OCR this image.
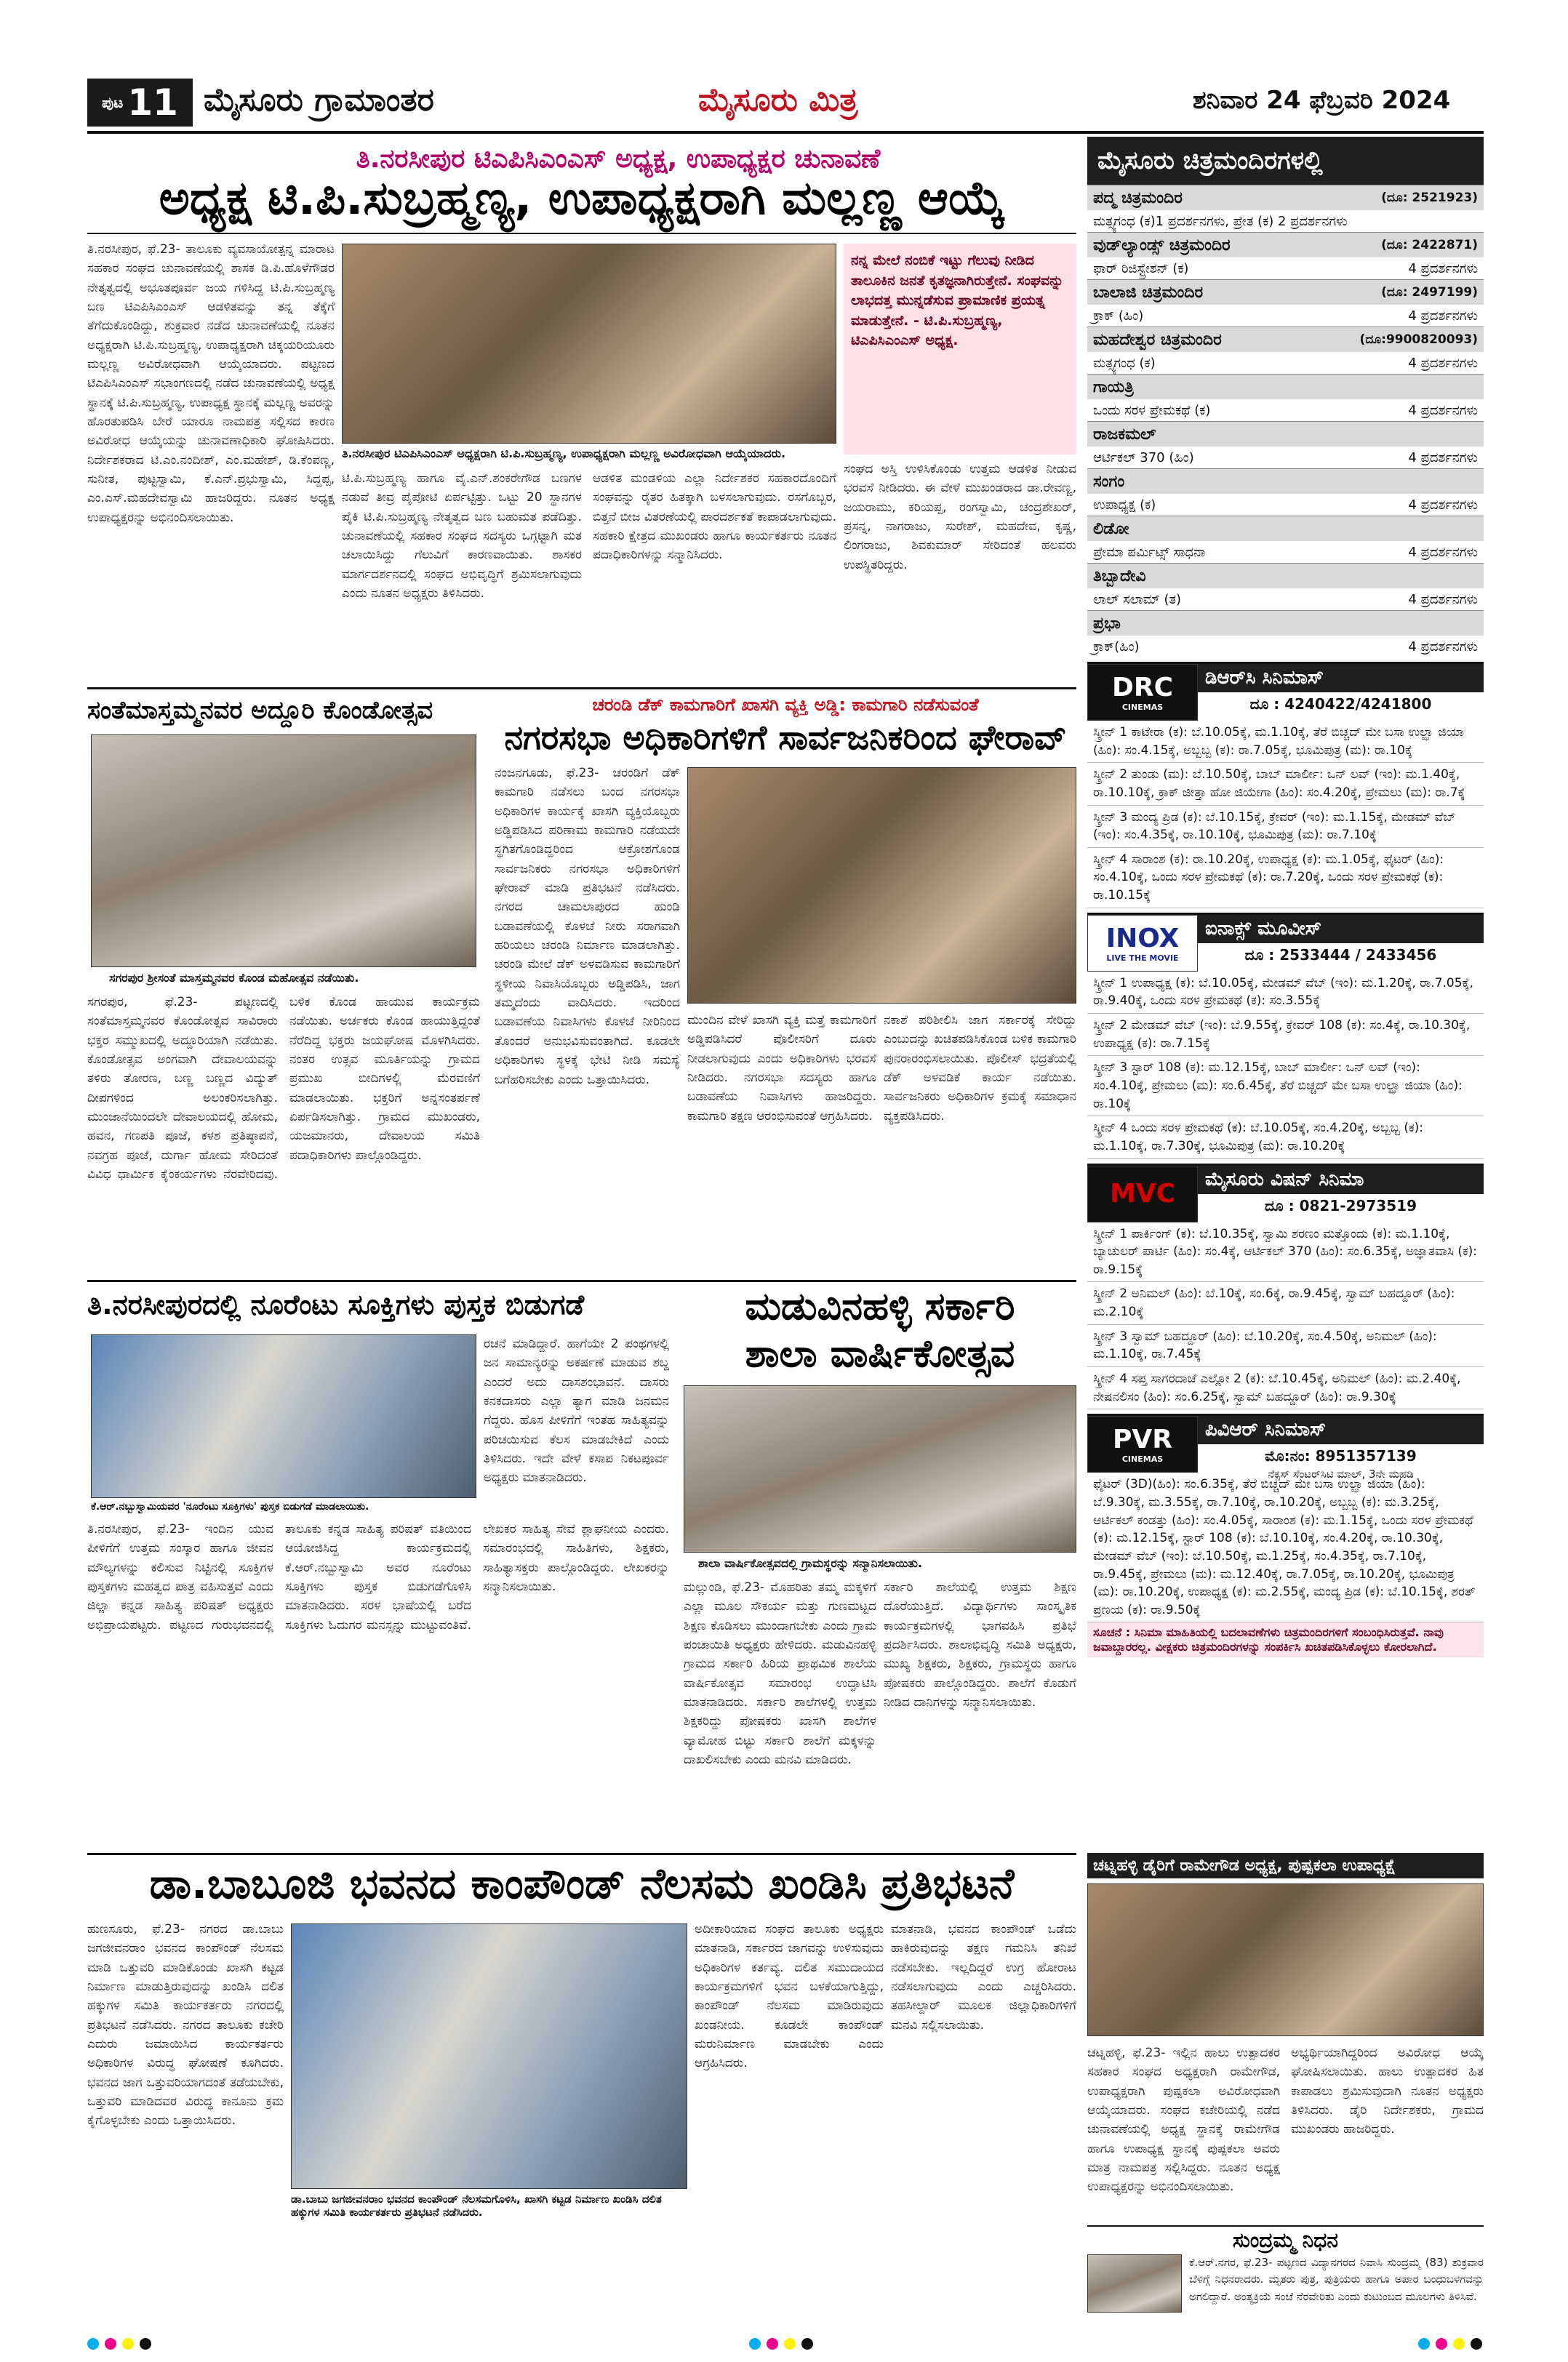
ಪುಟ 11 ಮೈಸೂರು ಗ್ರಾಮಾಂತರ	ಮೈಸೂರು ಮಿತ್ರ	ಶನಿವಾರ 24 ಫೆಬ್ರವರಿ 2024
ತಿ.ನರಸೀಪುರ ಟಿಎಪಿಸಿಎಂಎಸ್ ಅಧ್ಯಕ್ಷ, ಉಪಾಧ್ಯಕ್ಷರ ಚುನಾವಣೆ
ಅಧ್ಯಕ್ಷ ಟಿ.ಪಿ.ಸುಬ್ರಹ್ಮಣ್ಯ, ಉಪಾಧ್ಯಕ್ಷರಾಗಿ ಮಲ್ಲಣ್ಣ ಆಯ್ಕೆ
ತಿ.ನರಸೀಪುರ, ಫೆ.23- ತಾಲೂಕು ವ್ಯವಸಾಯೋತ್ಪನ್ನ ಮಾರಾಟ ಸಹಕಾರ ಸಂಘದ ಚುನಾವಣೆಯಲ್ಲಿ ಶಾಸಕ ಡಿ.ಪಿ.ಹೊಳೆಗೌಡರ ನೇತೃತ್ವದಲ್ಲಿ ಅಭೂತಪೂರ್ವ ಜಯ ಗಳಿಸಿದ್ದ ಟಿ.ಪಿ.ಸುಬ್ರಹ್ಮಣ್ಯ ಬಣ ಟಿಎಪಿಸಿಎಂಎಸ್ ಆಡಳಿತವನ್ನು ತನ್ನ ತೆಕ್ಕೆಗೆ ತೆಗೆದುಕೊಂಡಿದ್ದು, ಶುಕ್ರವಾರ ನಡೆದ ಚುನಾವಣೆಯಲ್ಲಿ ನೂತನ ಅಧ್ಯಕ್ಷರಾಗಿ ಟಿ.ಪಿ.ಸುಬ್ರಹ್ಮಣ್ಯ, ಉಪಾಧ್ಯಕ್ಷರಾಗಿ ಚಿಕ್ಕಯರಿಯೂರು ಮಲ್ಲಣ್ಣ ಅವಿರೋಧವಾಗಿ ಆಯ್ಕೆಯಾದರು. ಪಟ್ಟಣದ ಟಿಎಪಿಸಿಎಂಎಸ್ ಸಭಾಂಗಣದಲ್ಲಿ ನಡೆದ ಚುನಾವಣೆಯಲ್ಲಿ ಅಧ್ಯಕ್ಷ ಸ್ಥಾನಕ್ಕೆ ಟಿ.ಪಿ.ಸುಬ್ರಹ್ಮಣ್ಯ, ಉಪಾಧ್ಯಕ್ಷ ಸ್ಥಾನಕ್ಕೆ ಮಲ್ಲಣ್ಣ ಅವರನ್ನು ಹೊರತುಪಡಿಸಿ ಬೇರೆ ಯಾರೂ ನಾಮಪತ್ರ ಸಲ್ಲಿಸದ ಕಾರಣ ಅವಿರೋಧ ಆಯ್ಕೆಯನ್ನು ಚುನಾವಣಾಧಿಕಾರಿ ಘೋಷಿಸಿದರು. ನಿರ್ದೇಶಕರಾದ ಟಿ.ಎಂ.ನಂದೀಶ್, ಎಂ.ಮಹೇಶ್, ಡಿ.ಕೆಂಪಣ್ಣ, ಸುನೀತ, ಪುಟ್ಟಸ್ವಾಮಿ, ಕೆ.ಎನ್.ಪ್ರಭುಸ್ವಾಮಿ, ಸಿದ್ದಪ್ಪ, ಎಂ.ಎಸ್.ಮಹದೇವಸ್ವಾಮಿ ಹಾಜರಿದ್ದರು. ನೂತನ ಅಧ್ಯಕ್ಷ ಉಪಾಧ್ಯಕ್ಷರನ್ನು ಅಭಿನಂದಿಸಲಾಯಿತು.
ತಿ.ನರಸೀಪುರ ಟಿಎಪಿಸಿಎಂಎಸ್ ಅಧ್ಯಕ್ಷರಾಗಿ ಟಿ.ಪಿ.ಸುಬ್ರಹ್ಮಣ್ಯ, ಉಪಾಧ್ಯಕ್ಷರಾಗಿ ಮಲ್ಲಣ್ಣ ಅವಿರೋಧವಾಗಿ ಆಯ್ಕೆಯಾದರು.
ನನ್ನ ಮೇಲೆ ನಂಬಿಕೆ ಇಟ್ಟು ಗೆಲುವು ನೀಡಿದ ತಾಲೂಕಿನ ಜನತೆ ಕೃತಜ್ಞನಾಗಿರುತ್ತೇನೆ. ಸಂಘವನ್ನು ಲಾಭದತ್ತ ಮುನ್ನಡೆಸುವ ಪ್ರಾಮಾಣಿಕ ಪ್ರಯತ್ನ ಮಾಡುತ್ತೇನೆ. - ಟಿ.ಪಿ.ಸುಬ್ರಹ್ಮಣ್ಯ, ಟಿಎಪಿಸಿಎಂಎಸ್ ಅಧ್ಯಕ್ಷ.
ಟಿ.ಪಿ.ಸುಬ್ರಹ್ಮಣ್ಯ ಹಾಗೂ ವೈ.ಎನ್.ಶಂಕರೇಗೌಡ ಬಣಗಳ ನಡುವೆ ತೀವ್ರ ಪೈಪೋಟಿ ಏರ್ಪಟ್ಟಿತ್ತು. ಒಟ್ಟು 20 ಸ್ಥಾನಗಳ ಪೈಕಿ ಟಿ.ಪಿ.ಸುಬ್ರಹ್ಮಣ್ಯ ನೇತೃತ್ವದ ಬಣ ಬಹುಮತ ಪಡೆದಿತ್ತು. ಚುನಾವಣೆಯಲ್ಲಿ ಸಹಕಾರ ಸಂಘದ ಸದಸ್ಯರು ಒಗ್ಗಟ್ಟಾಗಿ ಮತ ಚಲಾಯಿಸಿದ್ದು ಗೆಲುವಿಗೆ ಕಾರಣವಾಯಿತು. ಶಾಸಕರ ಮಾರ್ಗದರ್ಶನದಲ್ಲಿ ಸಂಘದ ಅಭಿವೃದ್ಧಿಗೆ ಶ್ರಮಿಸಲಾಗುವುದು ಎಂದು ನೂತನ ಅಧ್ಯಕ್ಷರು ತಿಳಿಸಿದರು.
ಆಡಳಿತ ಮಂಡಳಿಯ ಎಲ್ಲಾ ನಿರ್ದೇಶಕರ ಸಹಕಾರದೊಂದಿಗೆ ಸಂಘವನ್ನು ರೈತರ ಹಿತಕ್ಕಾಗಿ ಬಳಸಲಾಗುವುದು. ರಸಗೊಬ್ಬರ, ಬಿತ್ತನೆ ಬೀಜ ವಿತರಣೆಯಲ್ಲಿ ಪಾರದರ್ಶಕತೆ ಕಾಪಾಡಲಾಗುವುದು. ಸಹಕಾರಿ ಕ್ಷೇತ್ರದ ಮುಖಂಡರು ಹಾಗೂ ಕಾರ್ಯಕರ್ತರು ನೂತನ ಪದಾಧಿಕಾರಿಗಳನ್ನು ಸನ್ಮಾನಿಸಿದರು.
ಸಂಘದ ಅಸ್ತಿ ಉಳಿಸಿಕೊಂಡು ಉತ್ತಮ ಆಡಳಿತ ನೀಡುವ ಭರವಸೆ ನೀಡಿದರು. ಈ ವೇಳೆ ಮುಖಂಡರಾದ ಡಾ.ರೇವಣ್ಣ, ಜಯರಾಮು, ಕರಿಯಪ್ಪ, ರಂಗಸ್ವಾಮಿ, ಚಂದ್ರಶೇಖರ್, ಪ್ರಸನ್ನ, ನಾಗರಾಜು, ಸುರೇಶ್, ಮಹದೇವ, ಕೃಷ್ಣ, ಲಿಂಗರಾಜು, ಶಿವಕುಮಾರ್ ಸೇರಿದಂತೆ ಹಲವರು ಉಪಸ್ಥಿತರಿದ್ದರು.
ಸಂತೆಮಾಸ್ತಮ್ಮನವರ ಅದ್ದೂರಿ ಕೊಂಡೋತ್ಸವ
ಸಗರಪುರ ಶ್ರೀಸಂತೆ ಮಾಸ್ತಮ್ಮನವರ ಕೊಂಡ ಮಹೋತ್ಸವ ನಡೆಯಿತು.
ಸಗರಪುರ, ಫೆ.23- ಪಟ್ಟಣದಲ್ಲಿ ಸಂತೆಮಾಸ್ತಮ್ಮನವರ ಕೊಂಡೋತ್ಸವ ಸಾವಿರಾರು ಭಕ್ತರ ಸಮ್ಮುಖದಲ್ಲಿ ಅದ್ದೂರಿಯಾಗಿ ನಡೆಯಿತು. ಕೊಂಡೋತ್ಸವ ಅಂಗವಾಗಿ ದೇವಾಲಯವನ್ನು ತಳಿರು ತೋರಣ, ಬಣ್ಣ ಬಣ್ಣದ ವಿದ್ಯುತ್ ದೀಪಗಳಿಂದ ಅಲಂಕರಿಸಲಾಗಿತ್ತು. ಮುಂಜಾನೆಯಿಂದಲೇ ದೇವಾಲಯದಲ್ಲಿ ಹೋಮ, ಹವನ, ಗಣಪತಿ ಪೂಜೆ, ಕಳಶ ಪ್ರತಿಷ್ಠಾಪನೆ, ನವಗ್ರಹ ಪೂಜೆ, ದುರ್ಗಾ ಹೋಮ ಸೇರಿದಂತೆ ವಿವಿಧ ಧಾರ್ಮಿಕ ಕೈಂಕರ್ಯಗಳು ನೆರವೇರಿದವು. ಬಳಿಕ ಕೊಂಡ ಹಾಯುವ ಕಾರ್ಯಕ್ರಮ ನಡೆಯಿತು. ಅರ್ಚಕರು ಕೊಂಡ ಹಾಯುತ್ತಿದ್ದಂತೆ ನೆರೆದಿದ್ದ ಭಕ್ತರು ಜಯಘೋಷ ಮೊಳಗಿಸಿದರು. ನಂತರ ಉತ್ಸವ ಮೂರ್ತಿಯನ್ನು ಗ್ರಾಮದ ಪ್ರಮುಖ ಬೀದಿಗಳಲ್ಲಿ ಮೆರವಣಿಗೆ ಮಾಡಲಾಯಿತು. ಭಕ್ತರಿಗೆ ಅನ್ನಸಂತರ್ಪಣೆ ಏರ್ಪಡಿಸಲಾಗಿತ್ತು. ಗ್ರಾಮದ ಮುಖಂಡರು, ಯಜಮಾನರು, ದೇವಾಲಯ ಸಮಿತಿ ಪದಾಧಿಕಾರಿಗಳು ಪಾಲ್ಗೊಂಡಿದ್ದರು.
ಚರಂಡಿ ಡೆಕ್ ಕಾಮಗಾರಿಗೆ ಖಾಸಗಿ ವ್ಯಕ್ತಿ ಅಡ್ಡಿ: ಕಾಮಗಾರಿ ನಡೆಸುವಂತೆ
ನಗರಸಭಾ ಅಧಿಕಾರಿಗಳಿಗೆ ಸಾರ್ವಜನಿಕರಿಂದ ಘೇರಾವ್
ನಂಜನಗೂಡು, ಫೆ.23- ಚರಂಡಿಗೆ ಡೆಕ್ ಕಾಮಗಾರಿ ನಡೆಸಲು ಬಂದ ನಗರಸಭಾ ಅಧಿಕಾರಿಗಳ ಕಾರ್ಯಕ್ಕೆ ಖಾಸಗಿ ವ್ಯಕ್ತಿಯೊಬ್ಬರು ಅಡ್ಡಿಪಡಿಸಿದ ಪರಿಣಾಮ ಕಾಮಗಾರಿ ನಡೆಯದೇ ಸ್ಥಗಿತಗೊಂಡಿದ್ದರಿಂದ ಆಕ್ರೋಶಗೊಂಡ ಸಾರ್ವಜನಿಕರು ನಗರಸಭಾ ಅಧಿಕಾರಿಗಳಿಗೆ ಘೇರಾವ್ ಮಾಡಿ ಪ್ರತಿಭಟನೆ ನಡೆಸಿದರು. ನಗರದ ಚಾಮಲಾಪುರದ ಹುಂಡಿ ಬಡಾವಣೆಯಲ್ಲಿ ಕೊಳಚೆ ನೀರು ಸರಾಗವಾಗಿ ಹರಿಯಲು ಚರಂಡಿ ನಿರ್ಮಾಣ ಮಾಡಲಾಗಿತ್ತು. ಚರಂಡಿ ಮೇಲೆ ಡೆಕ್ ಅಳವಡಿಸುವ ಕಾಮಗಾರಿಗೆ ಸ್ಥಳೀಯ ನಿವಾಸಿಯೊಬ್ಬರು ಅಡ್ಡಿಪಡಿಸಿ, ಜಾಗ ತಮ್ಮದೆಂದು ವಾದಿಸಿದರು. ಇದರಿಂದ ಬಡಾವಣೆಯ ನಿವಾಸಿಗಳು ಕೊಳಚೆ ನೀರಿನಿಂದ ತೊಂದರೆ ಅನುಭವಿಸುವಂತಾಗಿದೆ. ಕೂಡಲೇ ಅಧಿಕಾರಿಗಳು ಸ್ಥಳಕ್ಕೆ ಭೇಟಿ ನೀಡಿ ಸಮಸ್ಯೆ ಬಗೆಹರಿಸಬೇಕು ಎಂದು ಒತ್ತಾಯಿಸಿದರು.
ಮುಂದಿನ ವೇಳೆ ಖಾಸಗಿ ವ್ಯಕ್ತಿ ಮತ್ತೆ ಕಾಮಗಾರಿಗೆ ಅಡ್ಡಿಪಡಿಸಿದರೆ ಪೊಲೀಸರಿಗೆ ದೂರು ನೀಡಲಾಗುವುದು ಎಂದು ಅಧಿಕಾರಿಗಳು ಭರವಸೆ ನೀಡಿದರು. ನಗರಸಭಾ ಸದಸ್ಯರು ಹಾಗೂ ಬಡಾವಣೆಯ ನಿವಾಸಿಗಳು ಹಾಜರಿದ್ದರು. ಕಾಮಗಾರಿ ತಕ್ಷಣ ಆರಂಭಿಸುವಂತೆ ಆಗ್ರಹಿಸಿದರು.
ನಕಾಶೆ ಪರಿಶೀಲಿಸಿ ಜಾಗ ಸರ್ಕಾರಕ್ಕೆ ಸೇರಿದ್ದು ಎಂಬುದನ್ನು ಖಚಿತಪಡಿಸಿಕೊಂಡ ಬಳಿಕ ಕಾಮಗಾರಿ ಪುನರಾರಂಭಿಸಲಾಯಿತು. ಪೊಲೀಸ್ ಭದ್ರತೆಯಲ್ಲಿ ಡೆಕ್ ಅಳವಡಿಕೆ ಕಾರ್ಯ ನಡೆಯಿತು. ಸಾರ್ವಜನಿಕರು ಅಧಿಕಾರಿಗಳ ಕ್ರಮಕ್ಕೆ ಸಮಾಧಾನ ವ್ಯಕ್ತಪಡಿಸಿದರು.
ತಿ.ನರಸೀಪುರದಲ್ಲಿ ನೂರೆಂಟು ಸೂಕ್ತಿಗಳು ಪುಸ್ತಕ ಬಿಡುಗಡೆ
ಕೆ.ಆರ್.ನಬ್ಬುಸ್ವಾಮಿಯವರ 'ನೂರೆಂಟು ಸೂಕ್ತಿಗಳು' ಪುಸ್ತಕ ಬಿಡುಗಡೆ ಮಾಡಲಾಯಿತು.
ತಿ.ನರಸೀಪುರ, ಫೆ.23- ಇಂದಿನ ಯುವ ಪೀಳಿಗೆಗೆ ಉತ್ತಮ ಸಂಸ್ಕಾರ ಹಾಗೂ ಜೀವನ ಮೌಲ್ಯಗಳನ್ನು ಕಲಿಸುವ ನಿಟ್ಟಿನಲ್ಲಿ ಸೂಕ್ತಿಗಳ ಪುಸ್ತಕಗಳು ಮಹತ್ವದ ಪಾತ್ರ ವಹಿಸುತ್ತವೆ ಎಂದು ಜಿಲ್ಲಾ ಕನ್ನಡ ಸಾಹಿತ್ಯ ಪರಿಷತ್ ಅಧ್ಯಕ್ಷರು ಅಭಿಪ್ರಾಯಪಟ್ಟರು. ಪಟ್ಟಣದ ಗುರುಭವನದಲ್ಲಿ ತಾಲೂಕು ಕನ್ನಡ ಸಾಹಿತ್ಯ ಪರಿಷತ್ ವತಿಯಿಂದ ಆಯೋಜಿಸಿದ್ದ ಕಾರ್ಯಕ್ರಮದಲ್ಲಿ ಕೆ.ಆರ್.ನಬ್ಬುಸ್ವಾಮಿ ಅವರ ನೂರೆಂಟು ಸೂಕ್ತಿಗಳು ಪುಸ್ತಕ ಬಿಡುಗಡೆಗೊಳಿಸಿ ಮಾತನಾಡಿದರು. ಸರಳ ಭಾಷೆಯಲ್ಲಿ ಬರೆದ ಸೂಕ್ತಿಗಳು ಓದುಗರ ಮನಸ್ಸನ್ನು ಮುಟ್ಟುವಂತಿವೆ. ಲೇಖಕರ ಸಾಹಿತ್ಯ ಸೇವೆ ಶ್ಲಾಘನೀಯ ಎಂದರು. ಸಮಾರಂಭದಲ್ಲಿ ಸಾಹಿತಿಗಳು, ಶಿಕ್ಷಕರು, ಸಾಹಿತ್ಯಾಸಕ್ತರು ಪಾಲ್ಗೊಂಡಿದ್ದರು. ಲೇಖಕರನ್ನು ಸನ್ಮಾನಿಸಲಾಯಿತು.
ರಚನೆ ಮಾಡಿದ್ದಾರೆ. ಹಾಗೆಯೇ 2 ಪಂಥಗಳಲ್ಲಿ ಜನ ಸಾಮಾನ್ಯರನ್ನು ಅಕರ್ಷಣೆ ಮಾಡುವ ಶಬ್ದ ಎಂದರೆ ಅದು ದಾಸಶಂಭಾವನೆ. ದಾಸರು ಕನಕದಾಸರು ಎಲ್ಲಾ ತ್ಯಾಗ ಮಾಡಿ ಜನಮನ ಗೆದ್ದರು. ಹೊಸ ಪೀಳಿಗೆಗೆ ಇಂತಹ ಸಾಹಿತ್ಯವನ್ನು ಪರಿಚಯಿಸುವ ಕೆಲಸ ಮಾಡಬೇಕಿದೆ ಎಂದು ತಿಳಿಸಿದರು. ಇದೇ ವೇಳೆ ಕಸಾಪ ನಿಕಟಪೂರ್ವ ಅಧ್ಯಕ್ಷರು ಮಾತನಾಡಿದರು.
ಮಡುವಿನಹಳ್ಳಿ ಸರ್ಕಾರಿ
ಶಾಲಾ ವಾರ್ಷಿಕೋತ್ಸವ
ಶಾಲಾ ವಾರ್ಷಿಕೋತ್ಸವದಲ್ಲಿ ಗ್ರಾಮಸ್ಥರನ್ನು ಸನ್ಮಾನಿಸಲಾಯಿತು.
ಮಲ್ಲುಂಡಿ, ಫೆ.23- ಮೊಹರಿತು ತಮ್ಮ ಮಕ್ಕಳಿಗೆ ಎಲ್ಲಾ ಮೂಲ ಸೌಕರ್ಯ ಮತ್ತು ಗುಣಮಟ್ಟದ ಶಿಕ್ಷಣ ಕೊಡಿಸಲು ಮುಂದಾಗಬೇಕು ಎಂದು ಗ್ರಾಮ ಪಂಚಾಯಿತಿ ಅಧ್ಯಕ್ಷರು ಹೇಳಿದರು. ಮಡುವಿನಹಳ್ಳಿ ಗ್ರಾಮದ ಸರ್ಕಾರಿ ಹಿರಿಯ ಪ್ರಾಥಮಿಕ ಶಾಲೆಯ ವಾರ್ಷಿಕೋತ್ಸವ ಸಮಾರಂಭ ಉದ್ಘಾಟಿಸಿ ಮಾತನಾಡಿದರು. ಸರ್ಕಾರಿ ಶಾಲೆಗಳಲ್ಲಿ ಉತ್ತಮ ಶಿಕ್ಷಕರಿದ್ದು ಪೋಷಕರು ಖಾಸಗಿ ಶಾಲೆಗಳ ವ್ಯಾಮೋಹ ಬಿಟ್ಟು ಸರ್ಕಾರಿ ಶಾಲೆಗೆ ಮಕ್ಕಳನ್ನು ದಾಖಲಿಸಬೇಕು ಎಂದು ಮನವಿ ಮಾಡಿದರು.
ಸರ್ಕಾರಿ ಶಾಲೆಯಲ್ಲಿ ಉತ್ತಮ ಶಿಕ್ಷಣ ದೊರೆಯುತ್ತಿದೆ. ವಿದ್ಯಾರ್ಥಿಗಳು ಸಾಂಸ್ಕೃತಿಕ ಕಾರ್ಯಕ್ರಮಗಳಲ್ಲಿ ಭಾಗವಹಿಸಿ ಪ್ರತಿಭೆ ಪ್ರದರ್ಶಿಸಿದರು. ಶಾಲಾಭಿವೃದ್ಧಿ ಸಮಿತಿ ಅಧ್ಯಕ್ಷರು, ಮುಖ್ಯ ಶಿಕ್ಷಕರು, ಶಿಕ್ಷಕರು, ಗ್ರಾಮಸ್ಥರು ಹಾಗೂ ಪೋಷಕರು ಪಾಲ್ಗೊಂಡಿದ್ದರು. ಶಾಲೆಗೆ ಕೊಡುಗೆ ನೀಡಿದ ದಾನಿಗಳನ್ನು ಸನ್ಮಾನಿಸಲಾಯಿತು.
ಡಾ.ಬಾಬೂಜಿ ಭವನದ ಕಾಂಪೌಂಡ್ ನೆಲಸಮ ಖಂಡಿಸಿ ಪ್ರತಿಭಟನೆ
ಹುಣಸೂರು, ಫೆ.23- ನಗರದ ಡಾ.ಬಾಬು ಜಗಜೀವನರಾಂ ಭವನದ ಕಾಂಪೌಂಡ್ ನೆಲಸಮ ಮಾಡಿ ಒತ್ತುವರಿ ಮಾಡಿಕೊಂಡು ಖಾಸಗಿ ಕಟ್ಟಡ ನಿರ್ಮಾಣ ಮಾಡುತ್ತಿರುವುದನ್ನು ಖಂಡಿಸಿ ದಲಿತ ಹಕ್ಕುಗಳ ಸಮಿತಿ ಕಾರ್ಯಕರ್ತರು ನಗರದಲ್ಲಿ ಪ್ರತಿಭಟನೆ ನಡೆಸಿದರು. ನಗರದ ತಾಲೂಕು ಕಚೇರಿ ಎದುರು ಜಮಾಯಿಸಿದ ಕಾರ್ಯಕರ್ತರು ಅಧಿಕಾರಿಗಳ ವಿರುದ್ಧ ಘೋಷಣೆ ಕೂಗಿದರು. ಭವನದ ಜಾಗ ಒತ್ತುವರಿಯಾಗದಂತೆ ತಡೆಯಬೇಕು, ಒತ್ತುವರಿ ಮಾಡಿದವರ ವಿರುದ್ಧ ಕಾನೂನು ಕ್ರಮ ಕೈಗೊಳ್ಳಬೇಕು ಎಂದು ಒತ್ತಾಯಿಸಿದರು.
ಡಾ.ಬಾಬು ಜಗಜೀವನರಾಂ ಭವನದ ಕಾಂಪೌಂಡ್ ನೆಲಸಮಗೊಳಿಸಿ, ಖಾಸಗಿ ಕಟ್ಟಡ ನಿರ್ಮಾಣ ಖಂಡಿಸಿ ದಲಿತ ಹಕ್ಕುಗಳ ಸಮಿತಿ ಕಾರ್ಯಕರ್ತರು ಪ್ರತಿಭಟನೆ ನಡೆಸಿದರು.
ಅದೀಕಾರಿಯಾವ ಸಂಘದ ತಾಲೂಕು ಅಧ್ಯಕ್ಷರು ಮಾತನಾಡಿ, ಸರ್ಕಾರದ ಜಾಗವನ್ನು ಉಳಿಸುವುದು ಅಧಿಕಾರಿಗಳ ಕರ್ತವ್ಯ. ದಲಿತ ಸಮುದಾಯದ ಕಾರ್ಯಕ್ರಮಗಳಿಗೆ ಭವನ ಬಳಕೆಯಾಗುತ್ತಿದ್ದು, ಕಾಂಪೌಂಡ್ ನೆಲಸಮ ಮಾಡಿರುವುದು ಖಂಡನೀಯ. ಕೂಡಲೇ ಕಾಂಪೌಂಡ್ ಮರುನಿರ್ಮಾಣ ಮಾಡಬೇಕು ಎಂದು ಆಗ್ರಹಿಸಿದರು.
ಮಾತನಾಡಿ, ಭವನದ ಕಾಂಪೌಂಡ್ ಒಡೆದು ಹಾಕಿರುವುದನ್ನು ತಕ್ಷಣ ಗಮನಿಸಿ ತನಿಖೆ ನಡೆಸಬೇಕು. ಇಲ್ಲದಿದ್ದರೆ ಉಗ್ರ ಹೋರಾಟ ನಡೆಸಲಾಗುವುದು ಎಂದು ಎಚ್ಚರಿಸಿದರು. ತಹಸೀಲ್ದಾರ್ ಮೂಲಕ ಜಿಲ್ಲಾಧಿಕಾರಿಗಳಿಗೆ ಮನವಿ ಸಲ್ಲಿಸಲಾಯಿತು.
ಮೈಸೂರು ಚಿತ್ರಮಂದಿರಗಳಲ್ಲಿ
ಪದ್ಮ ಚಿತ್ರಮಂದಿರ	(ದೂ: 2521923)
ಮತ್ಸ್ಯಗಂಧ (ಕ)1 ಪ್ರದರ್ಶನಗಳು, ಪ್ರೇತ (ಕ) 2 ಪ್ರದರ್ಶನಗಳು
ವುಡ್‌ಲ್ಯಾಂಡ್ಸ್ ಚಿತ್ರಮಂದಿರ	(ದೂ: 2422871)
ಫಾರ್ ರಿಜಿಸ್ಟ್ರೇಶನ್ (ಕ)	4 ಪ್ರದರ್ಶನಗಳು
ಬಾಲಾಜಿ ಚಿತ್ರಮಂದಿರ	(ದೂ: 2497199)
ಕ್ರಾಕ್ (ಹಿಂ)	4 ಪ್ರದರ್ಶನಗಳು
ಮಹದೇಶ್ವರ ಚಿತ್ರಮಂದಿರ	(ದೂ:9900820093)
ಮತ್ಸ್ಯಗಂಧ (ಕ)	4 ಪ್ರದರ್ಶನಗಳು
ಗಾಯತ್ರಿ
ಒಂದು ಸರಳ ಪ್ರೇಮಕಥೆ (ಕ)	4 ಪ್ರದರ್ಶನಗಳು
ರಾಜಕಮಲ್
ಆರ್ಟಿಕಲ್ 370 (ಹಿಂ)	4 ಪ್ರದರ್ಶನಗಳು
ಸಂಗಂ
ಉಪಾಧ್ಯಕ್ಷ (ಕ)	4 ಪ್ರದರ್ಶನಗಳು
ಲಿಡೋ
ಪ್ರೇಮಾ ಪರ್ಮಿಟ್ಸ್ ಸಾಧನಾ	4 ಪ್ರದರ್ಶನಗಳು
ತಿಬ್ಬಾದೇವಿ
ಲಾಲ್ ಸಲಾಮ್ (ತ)	4 ಪ್ರದರ್ಶನಗಳು
ಪ್ರಭಾ
ಕ್ರಾಕ್(ಹಿಂ)	4 ಪ್ರದರ್ಶನಗಳು
DRC
CINEMAS
ಡಿಆರ್‌ಸಿ ಸಿನಿಮಾಸ್
ದೂ : 4240422/4241800
ಸ್ಕ್ರೀನ್ 1 ಕಾಟೇರಾ (ಕ): ಬೆ.10.05ಕ್ಕೆ, ಮ.1.10ಕ್ಕೆ, ತೆರೆ ಬಿಚ್ಚದ್ ಮೇ ಬಸಾ ಉಲ್ಝಾ ಜಿಯಾ (ಹಿಂ): ಸಂ.4.15ಕ್ಕೆ, ಅಬ್ಬಬ್ಬ (ಕ): ರಾ.7.05ಕ್ಕೆ, ಭೂಮಿಪುತ್ರ (ಮ): ರಾ.10ಕ್ಕೆ
ಸ್ಕ್ರೀನ್ 2 ತುಂಡು (ಮ): ಬೆ.10.50ಕ್ಕೆ, ಬಾಬ್ ಮಾರ್ಲೀ: ಒನ್ ಲವ್ (ಇಂ): ಮ.1.40ಕ್ಕೆ, ರಾ.10.10ಕ್ಕೆ, ಕ್ರಾಕ್ ಜೀತ್ತಾ ಹೋ ಜಿಯೇಗಾ (ಹಿಂ): ಸಂ.4.20ಕ್ಕೆ, ಪ್ರೇಮಲು (ಮ): ರಾ.7ಕ್ಕೆ
ಸ್ಕ್ರೀನ್ 3 ಮಂದ್ಯ ಪ್ರಿಡ (ಕ): ಬೆ.10.15ಕ್ಕೆ, ಕ್ರೇವರ್ (ಇಂ): ಮ.1.15ಕ್ಕೆ, ಮೇಡಮ್ ವೆಬ್ (ಇಂ): ಸಂ.4.35ಕ್ಕೆ, ರಾ.10.10ಕ್ಕೆ, ಭೂಮಿಪುತ್ರ (ಮ): ರಾ.7.10ಕ್ಕೆ
ಸ್ಕ್ರೀನ್ 4 ಸಾರಾಂಶ (ಕ): ರಾ.10.20ಕ್ಕೆ, ಉಪಾಧ್ಯಕ್ಷ (ಕ): ಮ.1.05ಕ್ಕೆ, ಫೈಟರ್ (ಹಿಂ): ಸಂ.4.10ಕ್ಕೆ, ಒಂದು ಸರಳ ಪ್ರೇಮಕಥೆ (ಕ): ರಾ.7.20ಕ್ಕೆ, ಒಂದು ಸರಳ ಪ್ರೇಮಕಥೆ (ಕ): ರಾ.10.15ಕ್ಕೆ
INOX
LIVE THE MOVIE
ಐನಾಕ್ಸ್ ಮೂವೀಸ್
ದೂ : 2533444 / 2433456
ಸ್ಕ್ರೀನ್ 1 ಉಪಾಧ್ಯಕ್ಷ (ಕ): ಬೆ.10.05ಕ್ಕೆ, ಮೇಡಮ್ ವೆಬ್ (ಇಂ): ಮ.1.20ಕ್ಕೆ, ರಾ.7.05ಕ್ಕೆ, ರಾ.9.40ಕ್ಕೆ, ಒಂದು ಸರಳ ಪ್ರೇಮಕಥೆ (ಕ): ಸಂ.3.55ಕ್ಕೆ
ಸ್ಕ್ರೀನ್ 2 ಮೇಡಮ್ ವೆಬ್ (ಇಂ): ಬೆ.9.55ಕ್ಕೆ, ಕ್ರೇವರ್ 108 (ಕ): ಸಂ.4ಕ್ಕೆ, ರಾ.10.30ಕ್ಕೆ, ಉಪಾಧ್ಯಕ್ಷ (ಕ): ರಾ.7.15ಕ್ಕೆ
ಸ್ಕ್ರೀನ್ 3 ಸ್ಟಾರ್ 108 (ಕ): ಮ.12.15ಕ್ಕೆ, ಬಾಬ್ ಮಾರ್ಲೀ: ಒನ್ ಲವ್ (ಇಂ): ಸಂ.4.10ಕ್ಕೆ, ಪ್ರೇಮಲು (ಮ): ಸಂ.6.45ಕ್ಕೆ, ತೆರೆ ಬಿಚ್ಚದ್ ಮೇ ಬಸಾ ಉಲ್ಝಾ ಜಿಯಾ (ಹಿಂ): ರಾ.10ಕ್ಕೆ
ಸ್ಕ್ರೀನ್ 4 ಒಂದು ಸರಳ ಪ್ರೇಮಕಥೆ (ಕ): ಬೆ.10.05ಕ್ಕೆ, ಸಂ.4.20ಕ್ಕೆ, ಅಬ್ಬಬ್ಬ (ಕ): ಮ.1.10ಕ್ಕೆ, ರಾ.7.30ಕ್ಕೆ, ಭೂಮಿಪುತ್ರ (ಮ): ರಾ.10.20ಕ್ಕೆ
MVC	ಮೈಸೂರು ವಿಷನ್ ಸಿನಿಮಾ
ದೂ : 0821-2973519
ಸ್ಕ್ರೀನ್ 1 ಪಾರ್ಕಿಂಗ್ (ಕ): ಬೆ.10.35ಕ್ಕೆ, ಸ್ವಾಮಿ ಶರಣಂ ಮತ್ತೊಂದು (ಕ): ಮ.1.10ಕ್ಕೆ, ಬ್ಯಾಚುಲರ್ ಪಾರ್ಟಿ (ಹಿಂ): ಸಂ.4ಕ್ಕೆ, ಆರ್ಟಿಕಲ್ 370 (ಹಿಂ): ಸಂ.6.35ಕ್ಕೆ, ಅಜ್ಞಾತವಾಸಿ (ಕ): ರಾ.9.15ಕ್ಕೆ
ಸ್ಕ್ರೀನ್ 2 ಅನಿಮಲ್ (ಹಿಂ): ಬೆ.10ಕ್ಕೆ, ಸಂ.6ಕ್ಕೆ, ರಾ.9.45ಕ್ಕೆ, ಸ್ವಾಮ್ ಬಹದ್ದೂರ್ (ಹಿಂ): ಮ.2.10ಕ್ಕೆ
ಸ್ಕ್ರೀನ್ 3 ಸ್ವಾಮ್ ಬಹದ್ದೂರ್ (ಹಿಂ): ಬೆ.10.20ಕ್ಕೆ, ಸಂ.4.50ಕ್ಕೆ, ಅನಿಮಲ್ (ಹಿಂ): ಮ.1.10ಕ್ಕೆ, ರಾ.7.45ಕ್ಕೆ
ಸ್ಕ್ರೀನ್ 4 ಸಪ್ತ ಸಾಗರದಾಚೆ ಎಲ್ಲೋ 2 (ಕ): ಬೆ.10.45ಕ್ಕೆ, ಅನಿಮಲ್ (ಹಿಂ): ಮ.2.40ಕ್ಕೆ, ನೇಷನಲಿಸಂ (ಹಿಂ): ಸಂ.6.25ಕ್ಕೆ, ಸ್ವಾಮ್ ಬಹದ್ದೂರ್ (ಹಿಂ): ರಾ.9.30ಕ್ಕೆ
PVR
CINEMAS
ಪಿವಿಆರ್ ಸಿನಿಮಾಸ್
ಮೊ:ನಂ: 8951357139
ನೆಕ್ಸಸ್ ಸೆಂಟರ್‌ಸಿಟಿ ಮಾಲ್, 3ನೇ ಮಹಡಿ
ಫೈಟರ್ (3D)(ಹಿಂ): ಸಂ.6.35ಕ್ಕೆ, ತೆರೆ ಬಿಚ್ಚದ್ ಮೇ ಬಸಾ ಉಲ್ಝಾ ಜಿಯಾ (ಹಿಂ): ಬೆ.9.30ಕ್ಕೆ, ಮ.3.55ಕ್ಕೆ, ರಾ.7.10ಕ್ಕೆ, ರಾ.10.20ಕ್ಕೆ, ಅಬ್ಬಬ್ಬ (ಕ): ಮ.3.25ಕ್ಕೆ, ಆರ್ಟಿಕಲ್ ಕಂಡತ್ತು (ಹಿಂ): ಸಂ.4.05ಕ್ಕೆ, ಸಾರಾಂಶ (ಕ): ಮ.1.15ಕ್ಕೆ, ಒಂದು ಸರಳ ಪ್ರೇಮಕಥೆ (ಕ): ಮ.12.15ಕ್ಕೆ, ಸ್ಟಾರ್ 108 (ಕ): ಬೆ.10.10ಕ್ಕೆ, ಸಂ.4.20ಕ್ಕೆ, ರಾ.10.30ಕ್ಕೆ, ಮೇಡಮ್ ವೆಬ್ (ಇಂ): ಬೆ.10.50ಕ್ಕೆ, ಮ.1.25ಕ್ಕೆ, ಸಂ.4.35ಕ್ಕೆ, ರಾ.7.10ಕ್ಕೆ, ರಾ.9.45ಕ್ಕೆ, ಪ್ರೇಮಲು (ಮ): ಮ.12.40ಕ್ಕೆ, ರಾ.7.05ಕ್ಕೆ, ರಾ.10.20ಕ್ಕೆ, ಭೂಮಿಪುತ್ರ (ಮ): ರಾ.10.20ಕ್ಕೆ, ಉಪಾಧ್ಯಕ್ಷ (ಕ): ಮ.2.55ಕ್ಕೆ, ಮಂದ್ಯ ಪ್ರಿಡ (ಕ): ಬೆ.10.15ಕ್ಕೆ, ಶರತ್ ಪ್ರಣಯ (ಕ): ರಾ.9.50ಕ್ಕೆ
ಸೂಚನೆ : ಸಿನಿಮಾ ಮಾಹಿತಿಯಲ್ಲಿ ಬದಲಾವಣೆಗಳು ಚಿತ್ರಮಂದಿರಗಳಿಗೆ ಸಂಬಂಧಿಸಿರುತ್ತವೆ. ನಾವು ಜವಾಬ್ದಾರರಲ್ಲ. ವೀಕ್ಷಕರು ಚಿತ್ರಮಂದಿರಗಳನ್ನು ಸಂಪರ್ಕಿಸಿ ಖಚಿತಪಡಿಸಿಕೊಳ್ಳಲು ಕೋರಲಾಗಿದೆ.
ಚಟ್ನಹಳ್ಳಿ ಡೈರಿಗೆ ರಾಮೇಗೌಡ ಅಧ್ಯಕ್ಷ, ಪುಷ್ಪಕಲಾ ಉಪಾಧ್ಯಕ್ಷೆ
ಚಟ್ನಹಳ್ಳಿ, ಫೆ.23- ಇಲ್ಲಿನ ಹಾಲು ಉತ್ಪಾದಕರ ಸಹಕಾರ ಸಂಘದ ಅಧ್ಯಕ್ಷರಾಗಿ ರಾಮೇಗೌಡ, ಉಪಾಧ್ಯಕ್ಷರಾಗಿ ಪುಷ್ಪಕಲಾ ಅವಿರೋಧವಾಗಿ ಆಯ್ಕೆಯಾದರು. ಸಂಘದ ಕಚೇರಿಯಲ್ಲಿ ನಡೆದ ಚುನಾವಣೆಯಲ್ಲಿ ಅಧ್ಯಕ್ಷ ಸ್ಥಾನಕ್ಕೆ ರಾಮೇಗೌಡ ಹಾಗೂ ಉಪಾಧ್ಯಕ್ಷ ಸ್ಥಾನಕ್ಕೆ ಪುಷ್ಪಕಲಾ ಅವರು ಮಾತ್ರ ನಾಮಪತ್ರ ಸಲ್ಲಿಸಿದ್ದರು. ನೂತನ ಅಧ್ಯಕ್ಷ ಉಪಾಧ್ಯಕ್ಷರನ್ನು ಅಭಿನಂದಿಸಲಾಯಿತು.
ಅಭ್ಯರ್ಥಿಯಾಗಿದ್ದರಿಂದ ಅವಿರೋಧ ಆಯ್ಕೆ ಘೋಷಿಸಲಾಯಿತು. ಹಾಲು ಉತ್ಪಾದಕರ ಹಿತ ಕಾಪಾಡಲು ಶ್ರಮಿಸುವುದಾಗಿ ನೂತನ ಅಧ್ಯಕ್ಷರು ತಿಳಿಸಿದರು. ಡೈರಿ ನಿರ್ದೇಶಕರು, ಗ್ರಾಮದ ಮುಖಂಡರು ಹಾಜರಿದ್ದರು.
ಸುಂದ್ರಮ್ಮ ನಿಧನ
ಕೆ.ಆರ್.ನಗರ, ಫೆ.23- ಪಟ್ಟಣದ ವಿದ್ಯಾನಗರದ ನಿವಾಸಿ ಸುಂದ್ರಮ್ಮ (83) ಶುಕ್ರವಾರ ಬೆಳಿಗ್ಗೆ ನಿಧನರಾದರು. ಮೃತರು ಪುತ್ರ, ಪುತ್ರಿಯರು ಹಾಗೂ ಅಪಾರ ಬಂಧುಬಳಗವನ್ನು ಅಗಲಿದ್ದಾರೆ. ಅಂತ್ಯಕ್ರಿಯೆ ಸಂಜೆ ನೆರವೇರಿತು ಎಂದು ಕುಟುಂಬದ ಮೂಲಗಳು ತಿಳಿಸಿವೆ.
